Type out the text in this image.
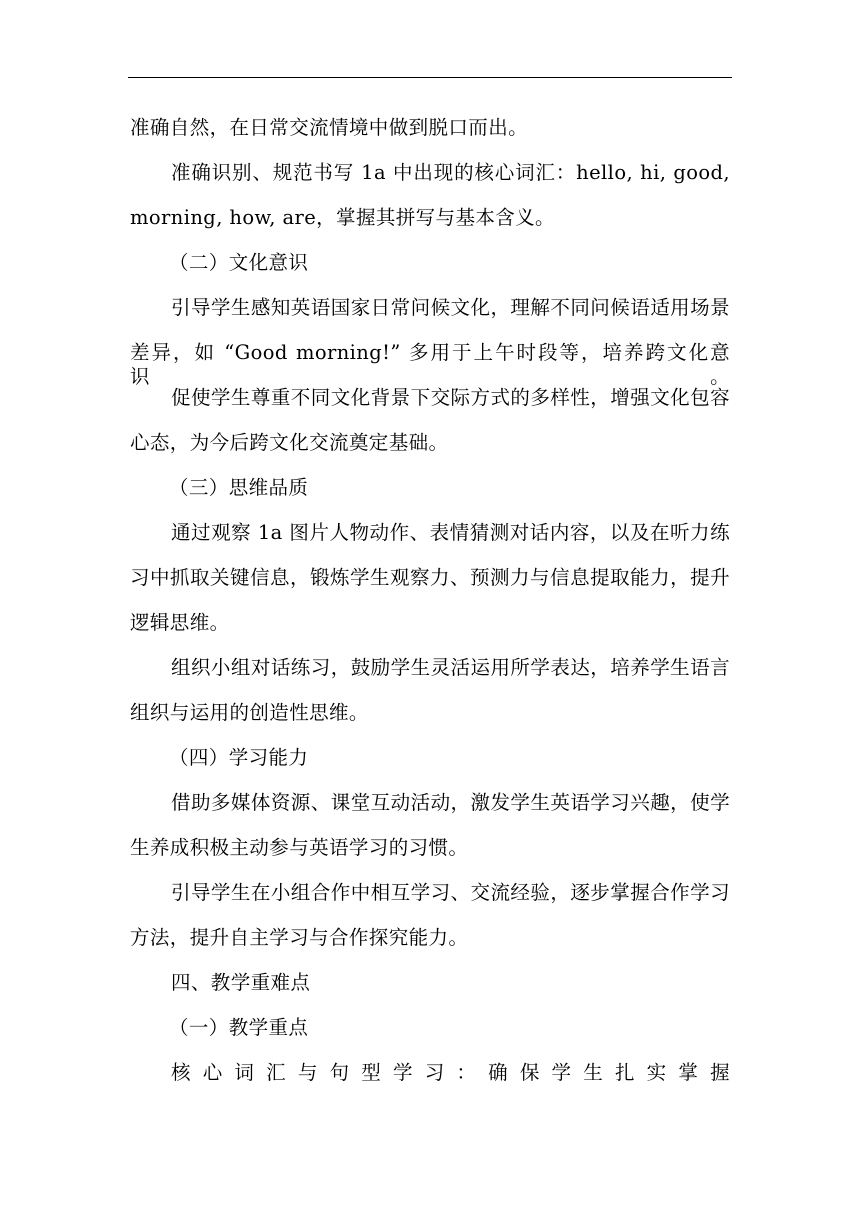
准确自然，在日常交流情境中做到脱口而出。
准确识别、规范书写 1a 中出现的核心词汇：hello, hi, good,
morning, how, are，掌握其拼写与基本含义。
（二）文化意识
引导学生感知英语国家日常问候文化，理解不同问候语适用场景
差异，如 “Good morning!” 多用于上午时段等，培养跨文化意识。
促使学生尊重不同文化背景下交际方式的多样性，增强文化包容
心态，为今后跨文化交流奠定基础。
（三）思维品质
通过观察 1a 图片人物动作、表情猜测对话内容，以及在听力练
习中抓取关键信息，锻炼学生观察力、预测力与信息提取能力，提升
逻辑思维。
组织小组对话练习，鼓励学生灵活运用所学表达，培养学生语言
组织与运用的创造性思维。
（四）学习能力
借助多媒体资源、课堂互动活动，激发学生英语学习兴趣，使学
生养成积极主动参与英语学习的习惯。
引导学生在小组合作中相互学习、交流经验，逐步掌握合作学习
方法，提升自主学习与合作探究能力。
四、教学重难点
（一）教学重点
核心词汇与句型学习：确保学生扎实掌握
